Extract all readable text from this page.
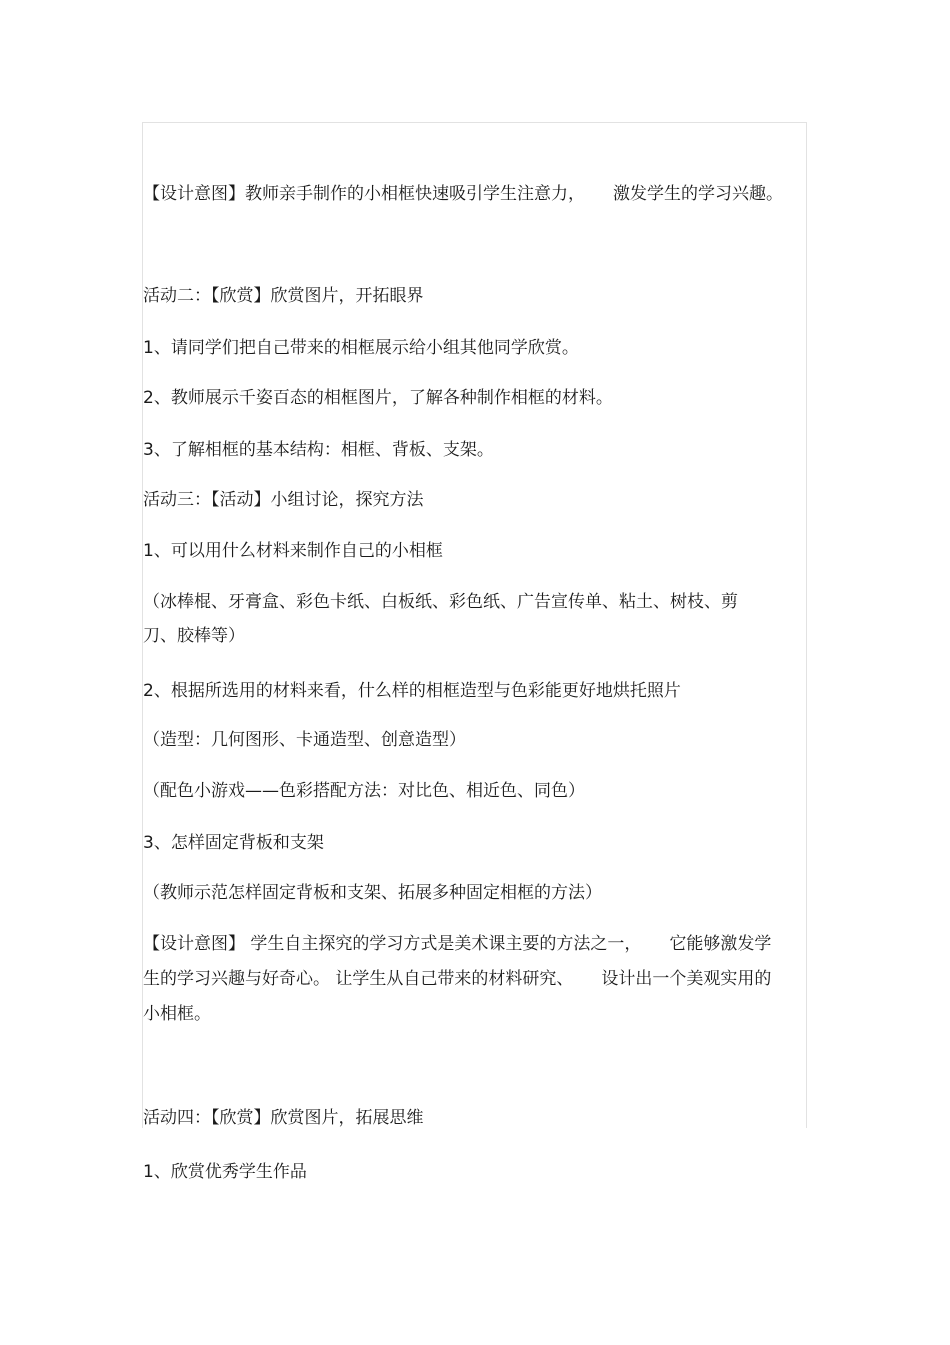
【设计意图】教师亲手制作的小相框快速吸引学生注意力， 激发学生的学习兴趣。

活动二：【欣赏】欣赏图片，开拓眼界

1、请同学们把自己带来的相框展示给小组其他同学欣赏。

2、教师展示千姿百态的相框图片，了解各种制作相框的材料。

3、了解相框的基本结构：相框、背板、支架。

活动三：【活动】小组讨论，探究方法

1、可以用什么材料来制作自己的小相框

（冰棒棍、牙膏盒、彩色卡纸、白板纸、彩色纸、广告宣传单、粘土、树枝、剪

刀、胶棒等）

2、根据所选用的材料来看，什么样的相框造型与色彩能更好地烘托照片

（造型：几何图形、卡通造型、创意造型）

（配色小游戏——色彩搭配方法：对比色、相近色、同色）

3、怎样固定背板和支架

（教师示范怎样固定背板和支架、拓展多种固定相框的方法）

【设计意图】 学生自主探究的学习方式是美术课主要的方法之一， 它能够激发学

生的学习兴趣与好奇心。 让学生从自己带来的材料研究、 设计出一个美观实用的

小相框。

活动四：【欣赏】欣赏图片，拓展思维

1、欣赏优秀学生作品
